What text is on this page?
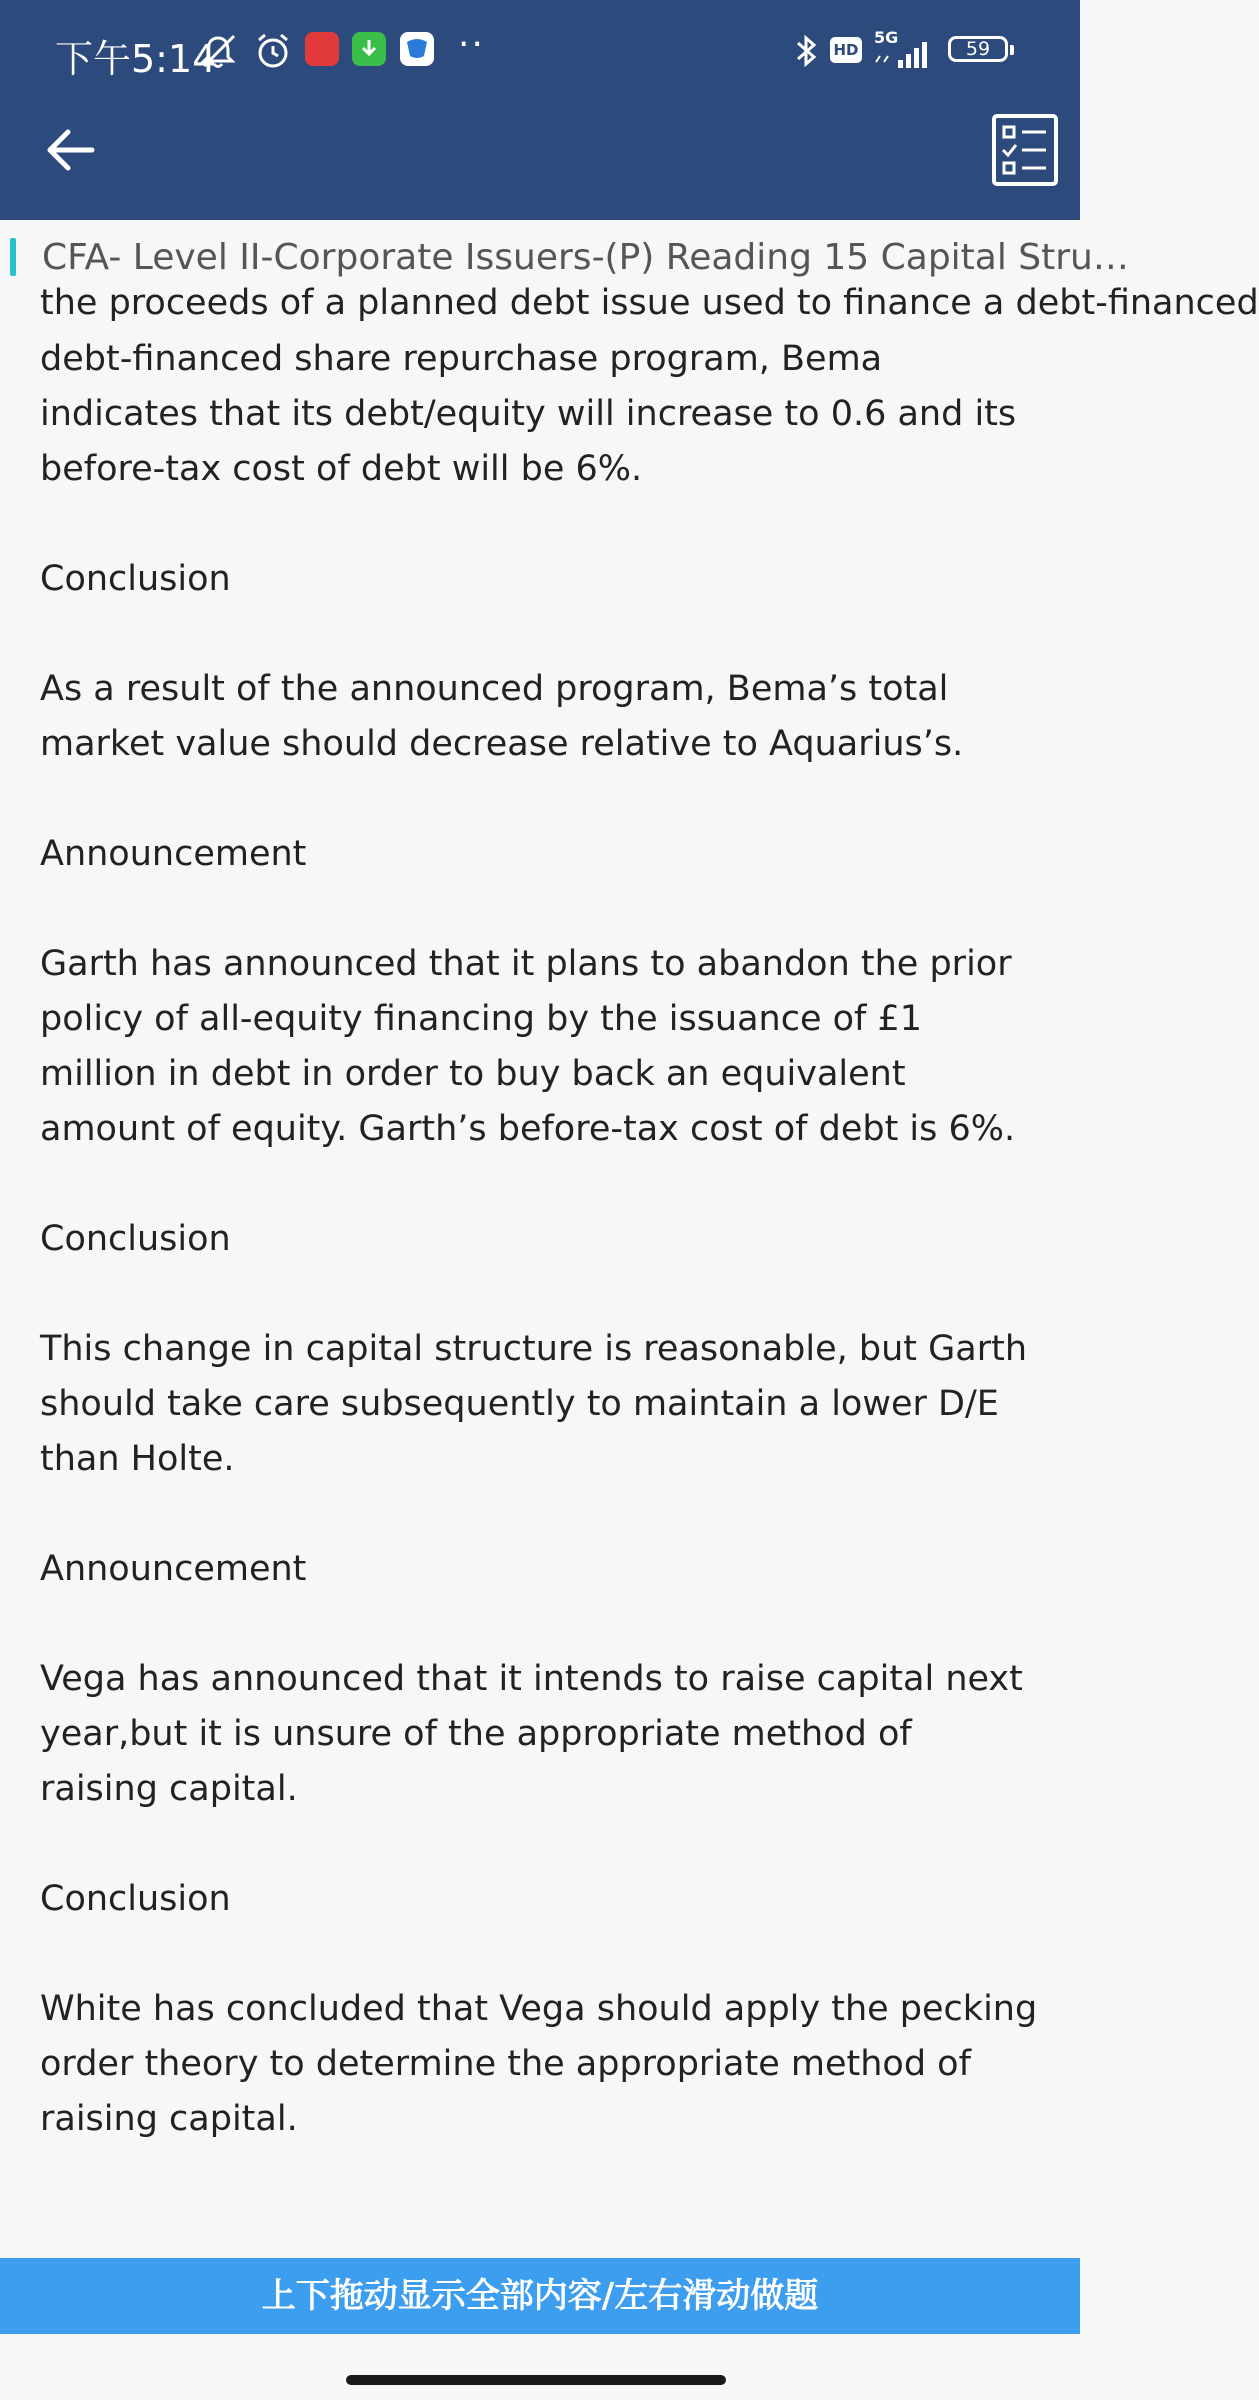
下午5:14	··	HD
5G
59
CFA- Level II-Corporate Issuers-(P) Reading 15 Capital Stru…
the proceeds of a planned debt issue used to finance a debt-financed

debt-financed share repurchase program, Bema indicates that its debt/equity will increase to 0.6 and its before-tax cost of debt will be 6%.

Conclusion

As a result of the announced program, Bema’s total market value should decrease relative to Aquarius’s.

Announcement

Garth has announced that it plans to abandon the prior policy of all-equity financing by the issuance of £1 million in debt in order to buy back an equivalent amount of equity. Garth’s before-tax cost of debt is 6%.

Conclusion

This change in capital structure is reasonable, but Garth should take care subsequently to maintain a lower D/E than Holte.

Announcement

Vega has announced that it intends to raise capital next year,but it is unsure of the appropriate method of raising capital.

Conclusion

White has concluded that Vega should apply the pecking order theory to determine the appropriate method of raising capital.

上下拖动显示全部内容/左右滑动做题
